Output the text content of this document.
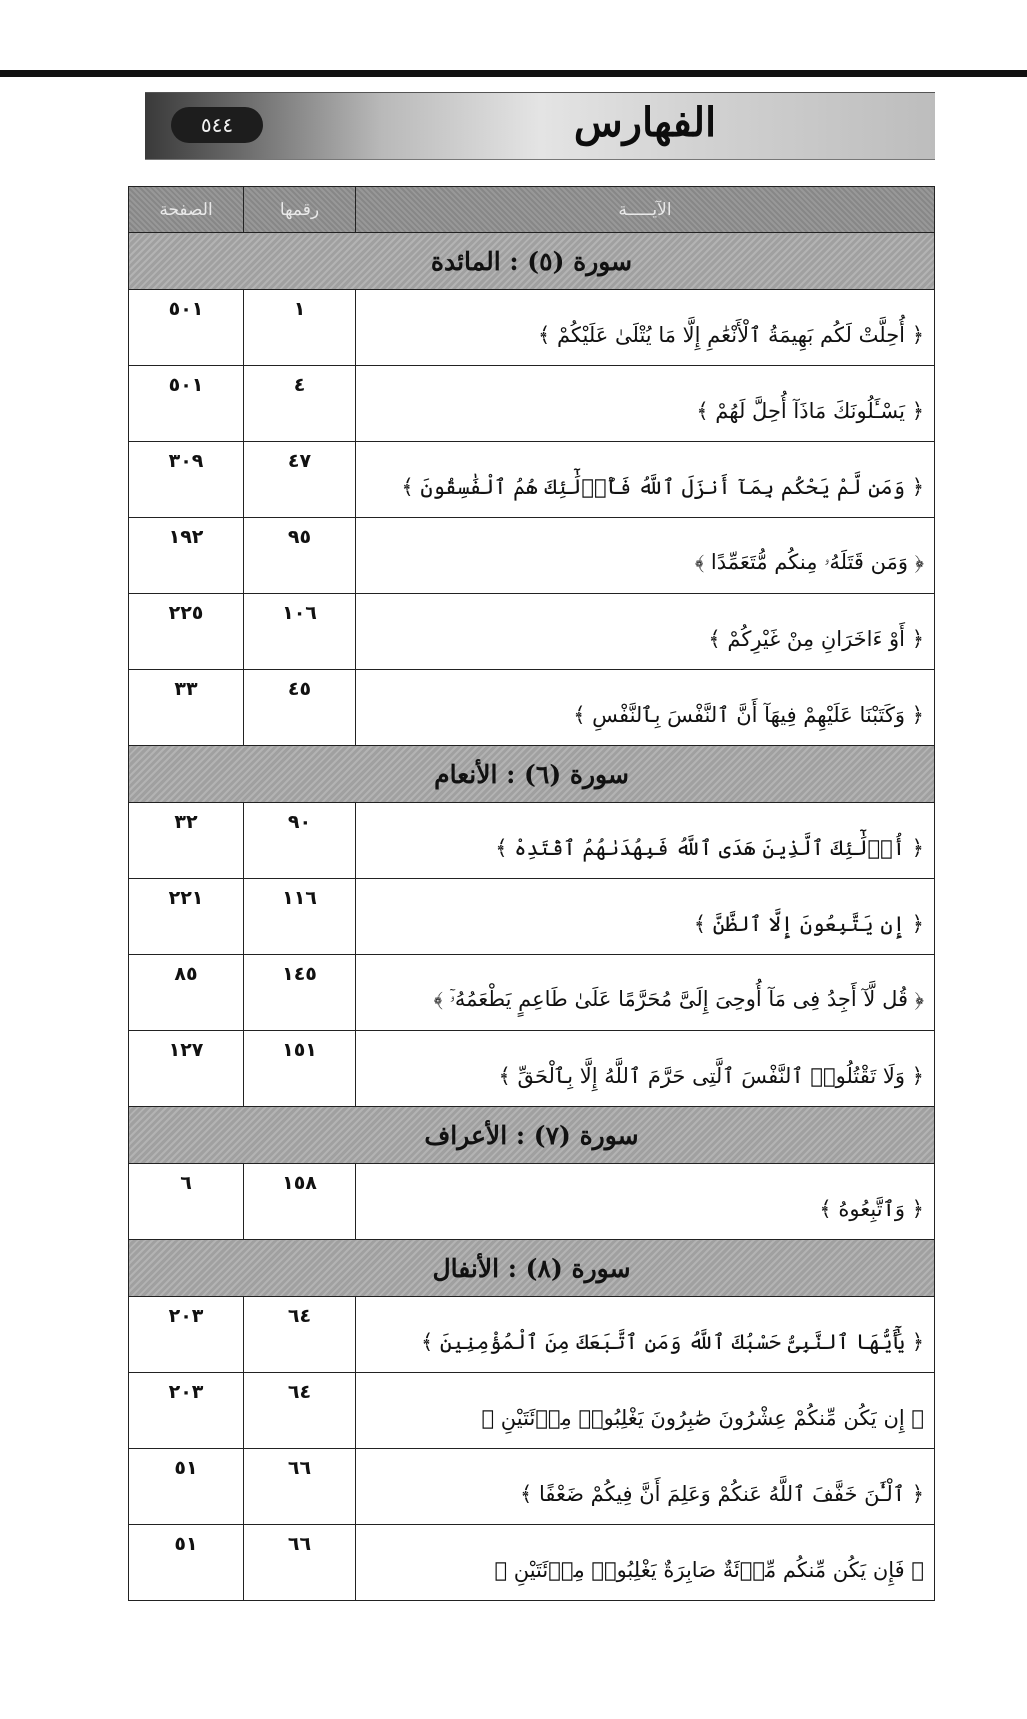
٥٤٤	الفهارس
الآيـــــة	رقمها	الصفحة
سورة (٥) : المائدة		
﴿ أُحِلَّتْ لَكُم بَهِيمَةُ ٱلْأَنْعَٰمِ إِلَّا مَا يُتْلَىٰ عَلَيْكُمْ ﴾	١	٥٠١
﴿ يَسْـَٔلُونَكَ مَاذَآ أُحِلَّ لَهُمْ ﴾	٤	٥٠١
﴿ وَمَن لَّمْ يَحْكُم بِمَآ أَنزَلَ ٱللَّهُ فَأُو۟لَٰٓئِكَ هُمُ ٱلْفَٰسِقُونَ ﴾	٤٧	٣٠٩
﴿ وَمَن قَتَلَهُۥ مِنكُم مُّتَعَمِّدًا ﴾	٩٥	١٩٢
﴿ أَوْ ءَاخَرَانِ مِنْ غَيْرِكُمْ ﴾	١٠٦	٢٢٥
﴿ وَكَتَبْنَا عَلَيْهِمْ فِيهَآ أَنَّ ٱلنَّفْسَ بِٱلنَّفْسِ ﴾	٤٥	٣٣
سورة (٦) : الأنعام		
﴿ أُو۟لَٰٓئِكَ ٱلَّذِينَ هَدَى ٱللَّهُ فَبِهُدَىٰهُمُ ٱقْتَدِهْ ﴾	٩٠	٣٢
﴿ إِن يَتَّبِعُونَ إِلَّا ٱلظَّنَّ ﴾	١١٦	٢٢١
﴿ قُل لَّآ أَجِدُ فِى مَآ أُوحِىَ إِلَىَّ مُحَرَّمًا عَلَىٰ طَاعِمٍ يَطْعَمُهُۥٓ ﴾	١٤٥	٨٥
﴿ وَلَا تَقْتُلُوا۟ ٱلنَّفْسَ ٱلَّتِى حَرَّمَ ٱللَّهُ إِلَّا بِٱلْحَقِّ ﴾	١٥١	١٢٧
سورة (٧) : الأعراف		
﴿ وَٱتَّبِعُوهُ ﴾	١٥٨	٦
سورة (٨) : الأنفال		
﴿ يَٰٓأَيُّهَا ٱلنَّبِىُّ حَسْبُكَ ٱللَّهُ وَمَنِ ٱتَّبَعَكَ مِنَ ٱلْمُؤْمِنِينَ ﴾	٦٤	٢٠٣
﴿ إِن يَكُن مِّنكُمْ عِشْرُونَ صَٰبِرُونَ يَغْلِبُوا۟ مِا۟ئَتَيْنِ ﴾	٦٤	٢٠٣
﴿ ٱلْـَٰٔنَ خَفَّفَ ٱللَّهُ عَنكُمْ وَعَلِمَ أَنَّ فِيكُمْ ضَعْفًا ﴾	٦٦	٥١
﴿ فَإِن يَكُن مِّنكُم مِّا۟ئَةٌ صَابِرَةٌ يَغْلِبُوا۟ مِا۟ئَتَيْنِ ﴾	٦٦	٥١
